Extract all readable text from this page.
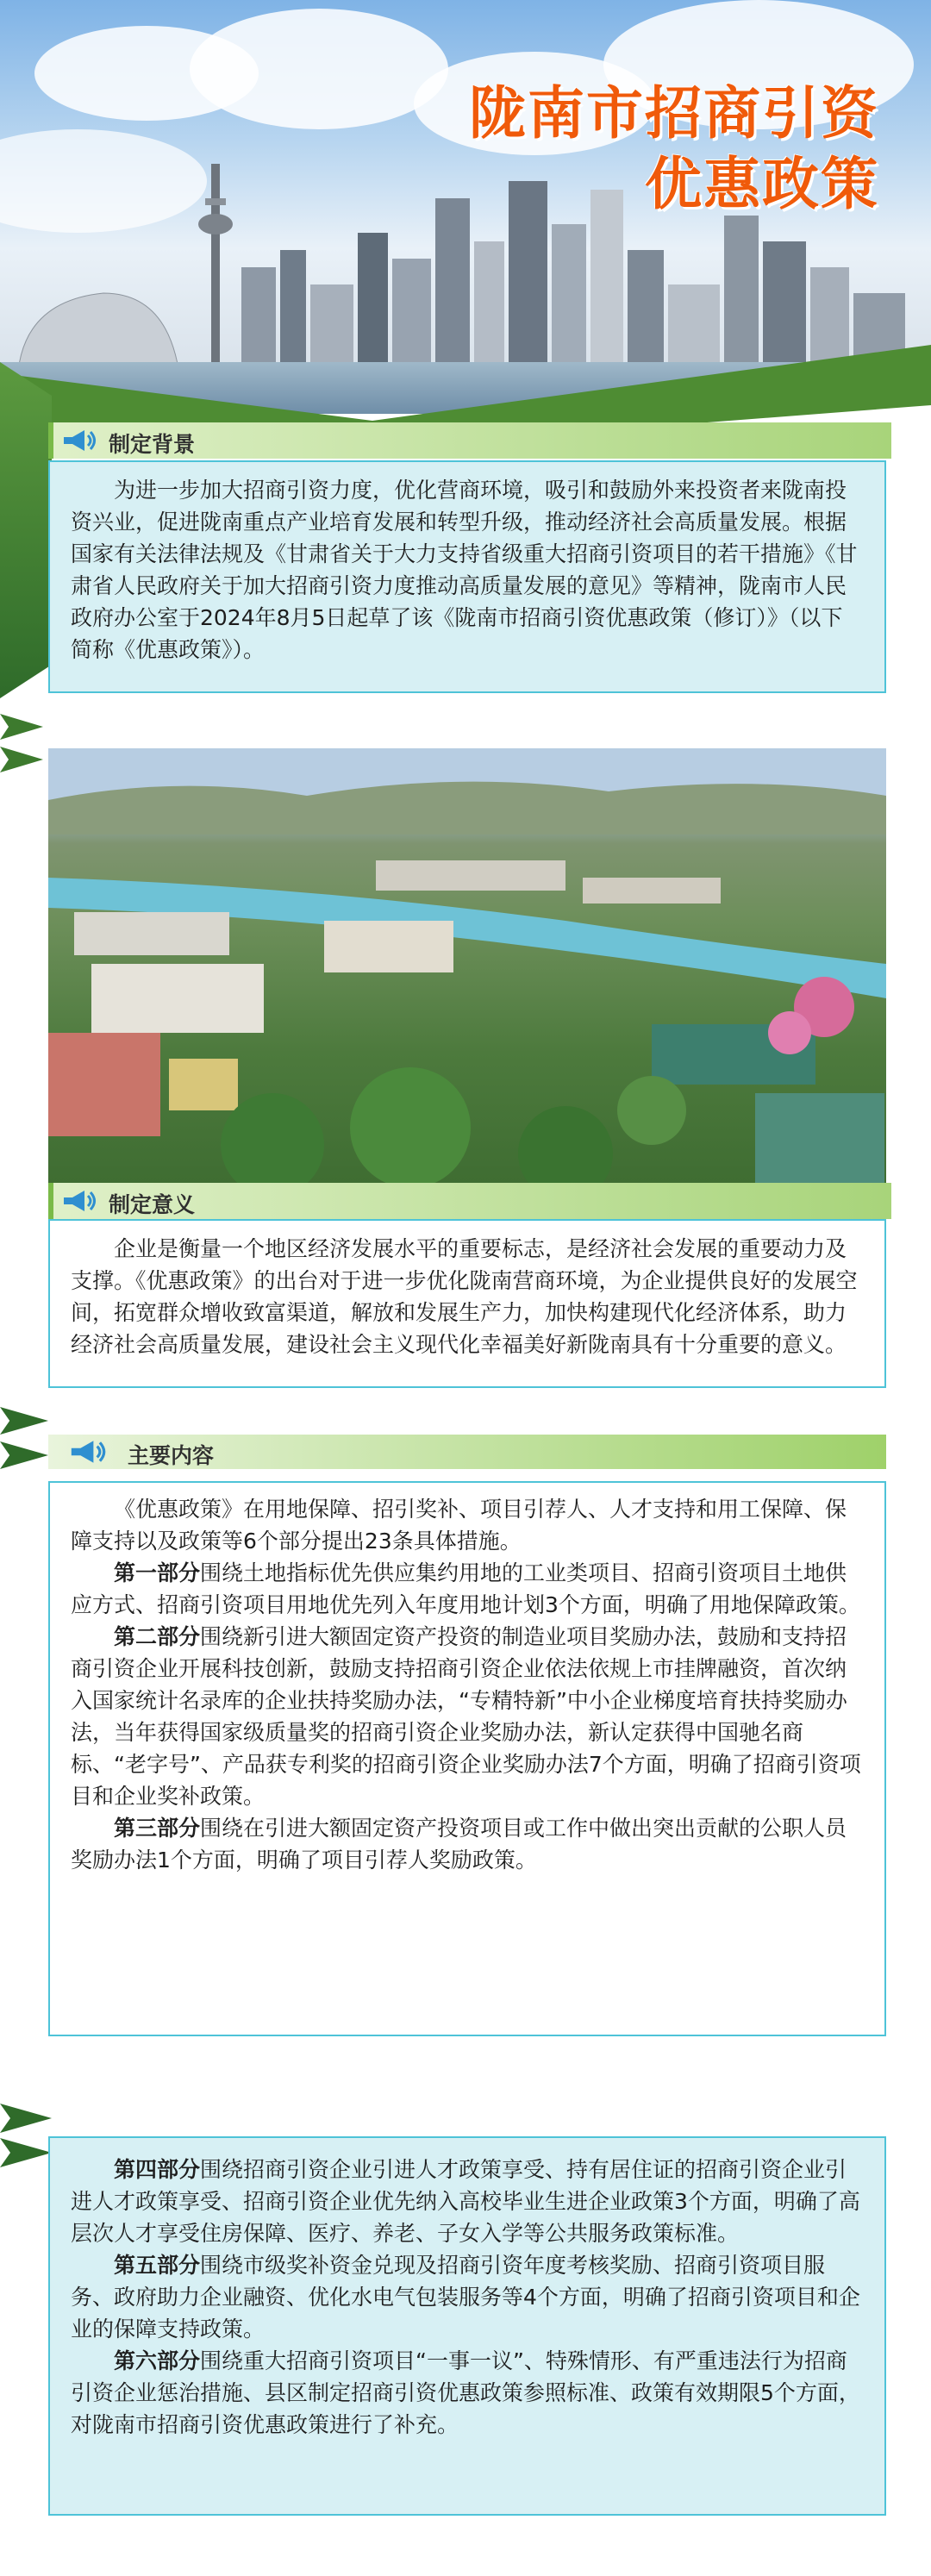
陇南市招商引资
优惠政策
制定背景

为进一步加大招商引资力度，优化营商环境，吸引和鼓励外来投资者来陇南投资兴业，促进陇南重点产业培育发展和转型升级，推动经济社会高质量发展。根据国家有关法律法规及《甘肃省关于大力支持省级重大招商引资项目的若干措施》《甘肃省人民政府关于加大招商引资力度推动高质量发展的意见》等精神，陇南市人民政府办公室于2024年8月5日起草了该《陇南市招商引资优惠政策（修订）》（以下简称《优惠政策》）。

制定意义

企业是衡量一个地区经济发展水平的重要标志，是经济社会发展的重要动力及支撑。《优惠政策》的出台对于进一步优化陇南营商环境，为企业提供良好的发展空间，拓宽群众增收致富渠道，解放和发展生产力，加快构建现代化经济体系，助力经济社会高质量发展，建设社会主义现代化幸福美好新陇南具有十分重要的意义。

主要内容

《优惠政策》在用地保障、招引奖补、项目引荐人、人才支持和用工保障、保障支持以及政策等6个部分提出23条具体措施。

第一部分围绕土地指标优先供应集约用地的工业类项目、招商引资项目土地供应方式、招商引资项目用地优先列入年度用地计划3个方面，明确了用地保障政策。

第二部分围绕新引进大额固定资产投资的制造业项目奖励办法，鼓励和支持招商引资企业开展科技创新，鼓励支持招商引资企业依法依规上市挂牌融资，首次纳入国家统计名录库的企业扶持奖励办法，“专精特新”中小企业梯度培育扶持奖励办法，当年获得国家级质量奖的招商引资企业奖励办法，新认定获得中国驰名商标、“老字号”、产品获专利奖的招商引资企业奖励办法7个方面，明确了招商引资项目和企业奖补政策。

第三部分围绕在引进大额固定资产投资项目或工作中做出突出贡献的公职人员奖励办法1个方面，明确了项目引荐人奖励政策。

第四部分围绕招商引资企业引进人才政策享受、持有居住证的招商引资企业引进人才政策享受、招商引资企业优先纳入高校毕业生进企业政策3个方面，明确了高层次人才享受住房保障、医疗、养老、子女入学等公共服务政策标准。

第五部分围绕市级奖补资金兑现及招商引资年度考核奖励、招商引资项目服务、政府助力企业融资、优化水电气包装服务等4个方面，明确了招商引资项目和企业的保障支持政策。

第六部分围绕重大招商引资项目“一事一议”、特殊情形、有严重违法行为招商引资企业惩治措施、县区制定招商引资优惠政策参照标准、政策有效期限5个方面，对陇南市招商引资优惠政策进行了补充。
